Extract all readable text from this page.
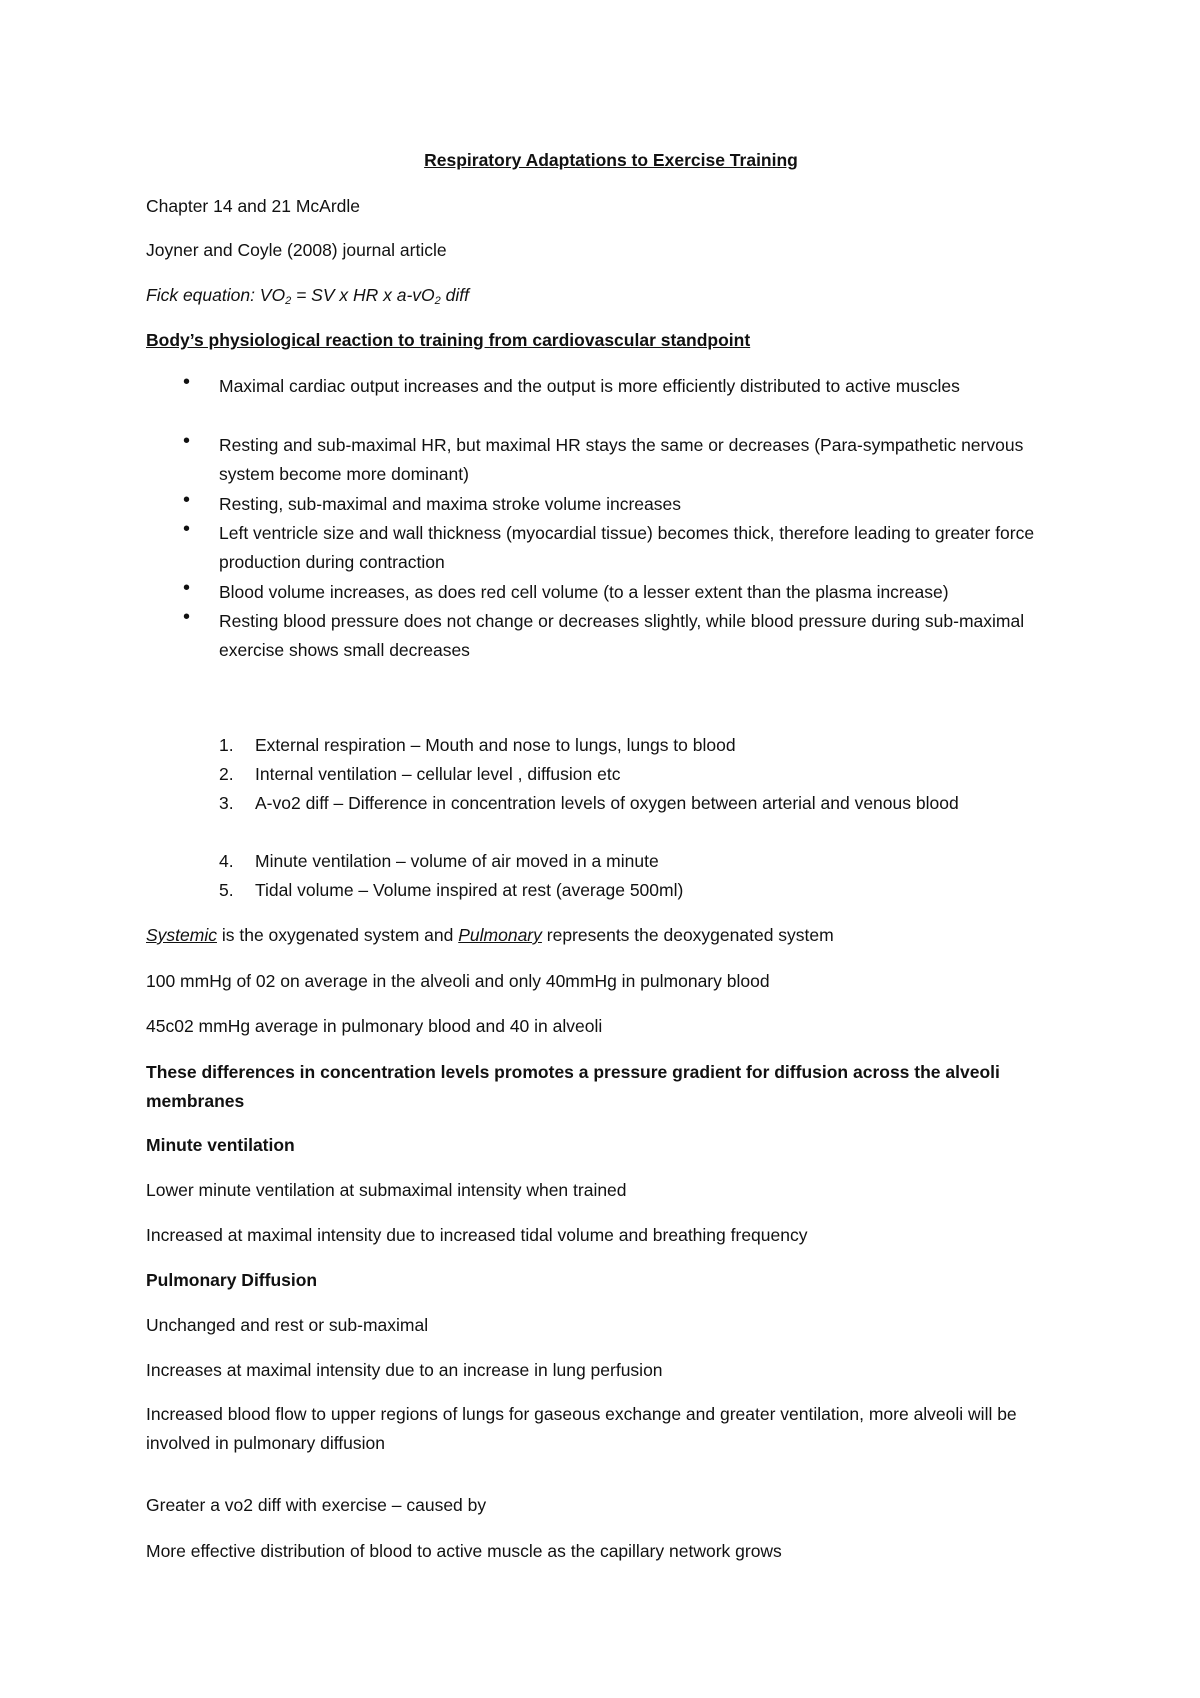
Respiratory Adaptations to Exercise Training
Chapter 14 and 21 McArdle
Joyner and Coyle (2008) journal article
Fick equation: $VO_2$ = SV x HR x $a-vO_2$ diff
Body’s physiological reaction to training from cardiovascular standpoint
• Maximal cardiac output increases and the output is more efficiently distributed to active muscles
• Resting and sub-maximal HR, but maximal HR stays the same or decreases (Para-sympathetic nervous system become more dominant)
• Resting, sub-maximal and maxima stroke volume increases
• Left ventricle size and wall thickness (myocardial tissue) becomes thick, therefore leading to greater force production during contraction
• Blood volume increases, as does red cell volume (to a lesser extent than the plasma increase)
• Resting blood pressure does not change or decreases slightly, while blood pressure during sub-maximal exercise shows small decreases
1. External respiration – Mouth and nose to lungs, lungs to blood
2. Internal ventilation – cellular level , diffusion etc
3. A-vo2 diff – Difference in concentration levels of oxygen between arterial and venous blood
4. Minute ventilation – volume of air moved in a minute
5. Tidal volume – Volume inspired at rest (average 500ml)
Systemic is the oxygenated system and Pulmonary represents the deoxygenated system
100 mmHg of 02 on average in the alveoli and only 40mmHg in pulmonary blood
45c02 mmHg average in pulmonary blood and 40 in alveoli
These differences in concentration levels promotes a pressure gradient for diffusion across the alveoli membranes
Minute ventilation
Lower minute ventilation at submaximal intensity when trained
Increased at maximal intensity due to increased tidal volume and breathing frequency
Pulmonary Diffusion
Unchanged and rest or sub-maximal
Increases at maximal intensity due to an increase in lung perfusion
Increased blood flow to upper regions of lungs for gaseous exchange and greater ventilation, more alveoli will be involved in pulmonary diffusion
Greater a vo2 diff with exercise – caused by
More effective distribution of blood to active muscle as the capillary network grows
